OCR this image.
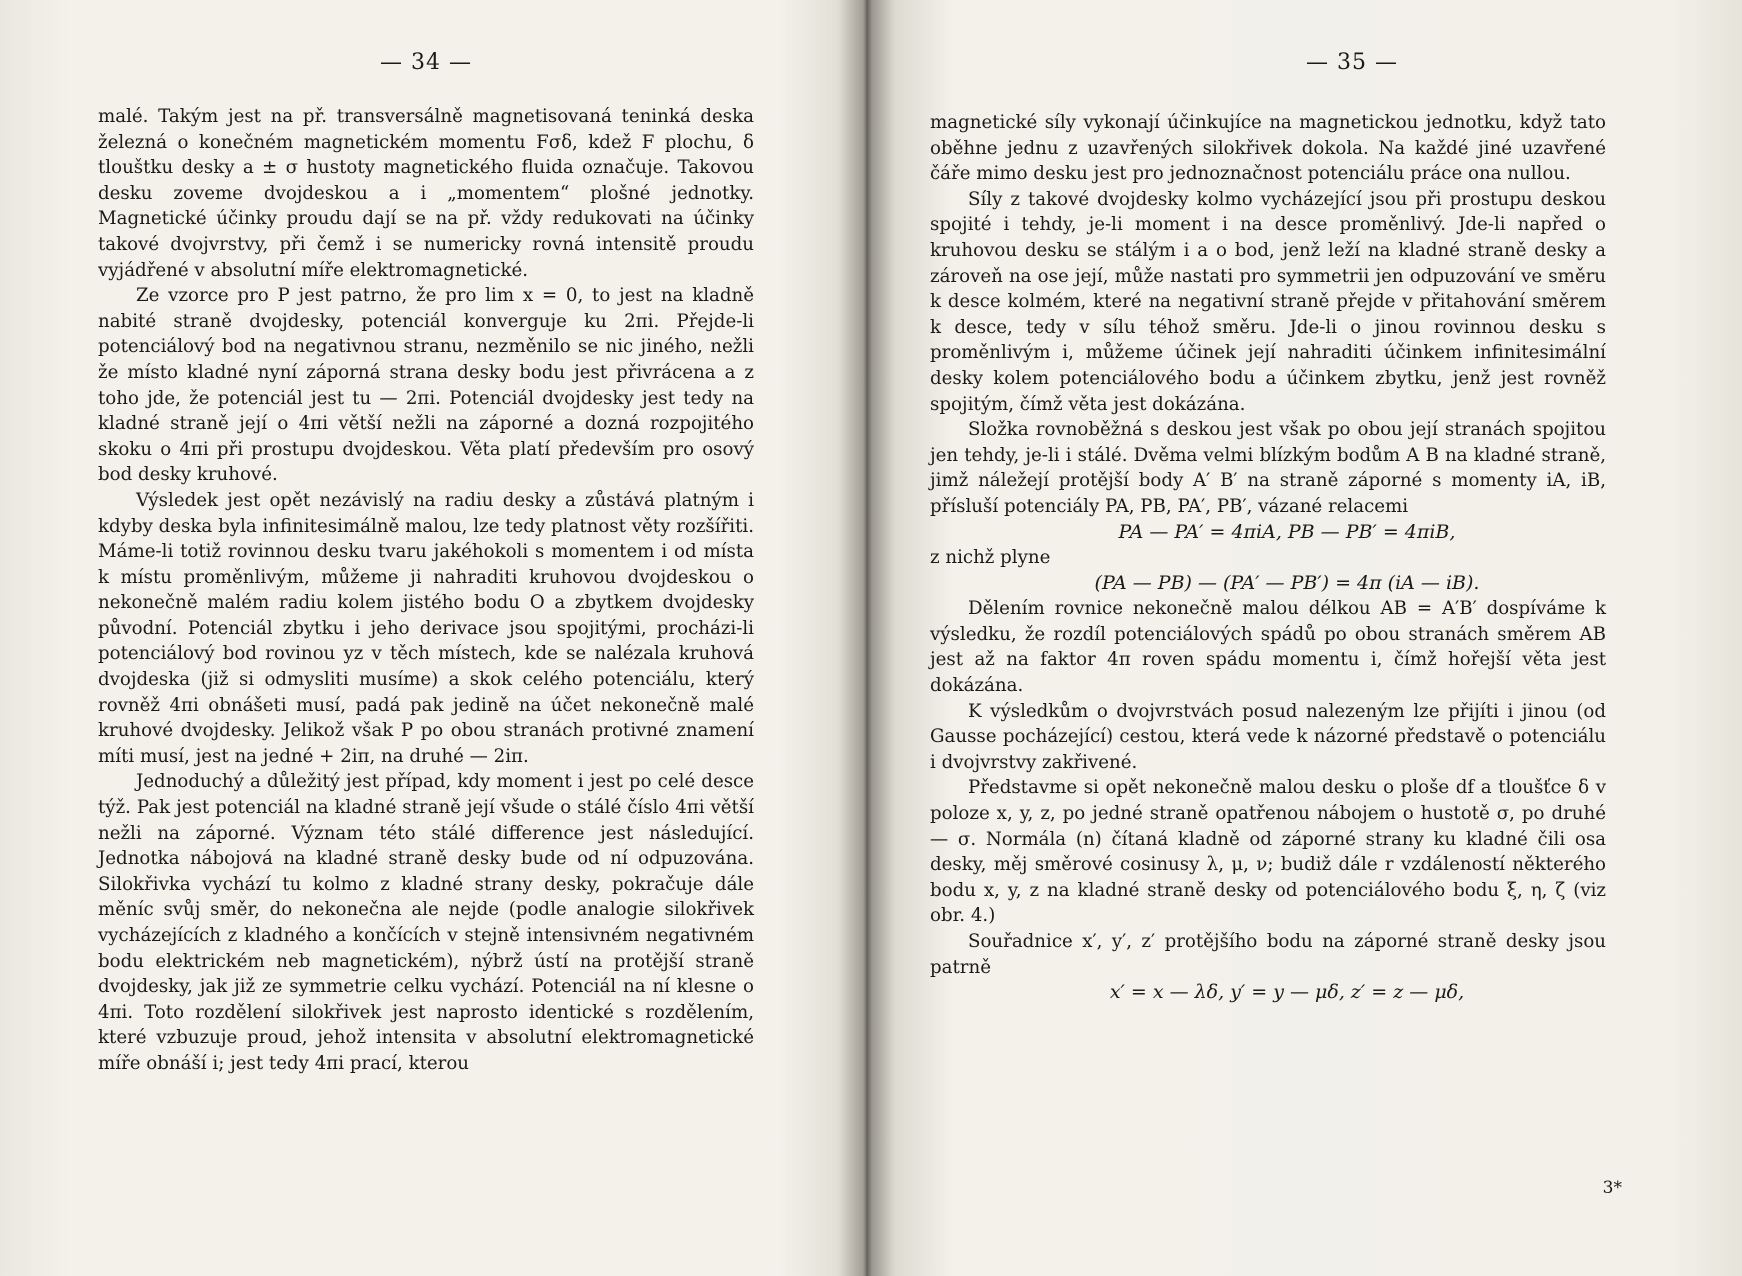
— 34 —

malé. Takým jest na př. transversálně magnetisovaná teninká deska železná o konečném magnetickém momentu Fσδ, kdež F plochu, δ tlouštku desky a ± σ hustoty magnetického fluida označuje. Takovou desku zoveme dvojdeskou a i „momentem“ plošné jednotky. Magnetické účinky proudu dají se na př. vždy redukovati na účinky takové dvojvrstvy, při čemž i se numericky rovná intensitě proudu vyjádřené v absolutní míře elektromagnetické.

Ze vzorce pro P jest patrno, že pro lim x = 0, to jest na kladně nabité straně dvojdesky, potenciál konverguje ku 2πi. Přejde-li potenciálový bod na negativnou stranu, nezměnilo se nic jiného, nežli že místo kladné nyní záporná strana desky bodu jest přivrácena a z toho jde, že potenciál jest tu — 2πi. Potenciál dvojdesky jest tedy na kladné straně její o 4πi větší nežli na záporné a dozná rozpojitého skoku o 4πi při prostupu dvojdeskou. Věta platí především pro osový bod desky kruhové.

Výsledek jest opět nezávislý na radiu desky a zůstává platným i kdyby deska byla infinitesimálně malou, lze tedy platnost věty rozšířiti. Máme-li totiž rovinnou desku tvaru jakéhokoli s momentem i od místa k místu proměnlivým, můžeme ji nahraditi kruhovou dvojdeskou o nekonečně malém radiu kolem jistého bodu O a zbytkem dvojdesky původní. Potenciál zbytku i jeho derivace jsou spojitými, procházi-li potenciálový bod rovinou yz v těch místech, kde se nalézala kruhová dvojdeska (již si odmysliti musíme) a skok celého potenciálu, který rovněž 4πi obnášeti musí, padá pak jedině na účet nekonečně malé kruhové dvojdesky. Jelikož však P po obou stranách protivné znamení míti musí, jest na jedné + 2iπ, na druhé — 2iπ.

Jednoduchý a důležitý jest případ, kdy moment i jest po celé desce týž. Pak jest potenciál na kladné straně její všude o stálé číslo 4πi větší nežli na záporné. Význam této stálé difference jest následující. Jednotka nábojová na kladné straně desky bude od ní odpuzována. Silokřivka vychází tu kolmo z kladné strany desky, pokračuje dále měníc svůj směr, do nekonečna ale nejde (podle analogie silokřivek vycházejících z kladného a končících v stejně intensivném negativném bodu elektrickém neb magnetickém), nýbrž ústí na protější straně dvojdesky, jak již ze symmetrie celku vychází. Potenciál na ní klesne o 4πi. Toto rozdělení silokřivek jest naprosto identické s rozdělením, které vzbuzuje proud, jehož intensita v absolutní elektromagnetické míře obnáší i; jest tedy 4πi prací, kterou

— 35 —

magnetické síly vykonají účinkujíce na magnetickou jednotku, když tato oběhne jednu z uzavřených silokřivek dokola. Na každé jiné uzavřené čáře mimo desku jest pro jednoznačnost potenciálu práce ona nullou.

Síly z takové dvojdesky kolmo vycházející jsou při prostupu deskou spojité i tehdy, je-li moment i na desce proměnlivý. Jde-li napřed o kruhovou desku se stálým i a o bod, jenž leží na kladné straně desky a zároveň na ose její, může nastati pro symmetrii jen odpuzování ve směru k desce kolmém, které na negativní straně přejde v přitahování směrem k desce, tedy v sílu téhož směru. Jde-li o jinou rovinnou desku s proměnlivým i, můžeme účinek její nahraditi účinkem infinitesimální desky kolem potenciálového bodu a účinkem zbytku, jenž jest rovněž spojitým, čímž věta jest dokázána.

Složka rovnoběžná s deskou jest však po obou její stranách spojitou jen tehdy, je-li i stálé. Dvěma velmi blízkým bodům A B na kladné straně, jimž náležejí protější body A′ B′ na straně záporné s momenty iA, iB, přísluší potenciály PA, PB, PA′, PB′, vázané relacemi

PA — PA′ = 4πiA, PB — PB′ = 4πiB,

z nichž plyne

(PA — PB) — (PA′ — PB′) = 4π (iA — iB).

Dělením rovnice nekonečně malou délkou AB = A′B′ dospíváme k výsledku, že rozdíl potenciálových spádů po obou stranách směrem AB jest až na faktor 4π roven spádu momentu i, čímž hořejší věta jest dokázána.

K výsledkům o dvojvrstvách posud nalezeným lze přijíti i jinou (od Gausse pocházející) cestou, která vede k názorné představě o potenciálu i dvojvrstvy zakřivené.

Představme si opět nekonečně malou desku o ploše df a tloušťce δ v poloze x, y, z, po jedné straně opatřenou nábojem o hustotě σ, po druhé — σ. Normála (n) čítaná kladně od záporné strany ku kladné čili osa desky, měj směrové cosinusy λ, μ, ν; budiž dále r vzdáleností některého bodu x, y, z na kladné straně desky od potenciálového bodu ξ, η, ζ (viz obr. 4.)

Souřadnice x′, y′, z′ protějšího bodu na záporné straně desky jsou patrně

x′ = x — λδ, y′ = y — μδ, z′ = z — μδ,

3*
